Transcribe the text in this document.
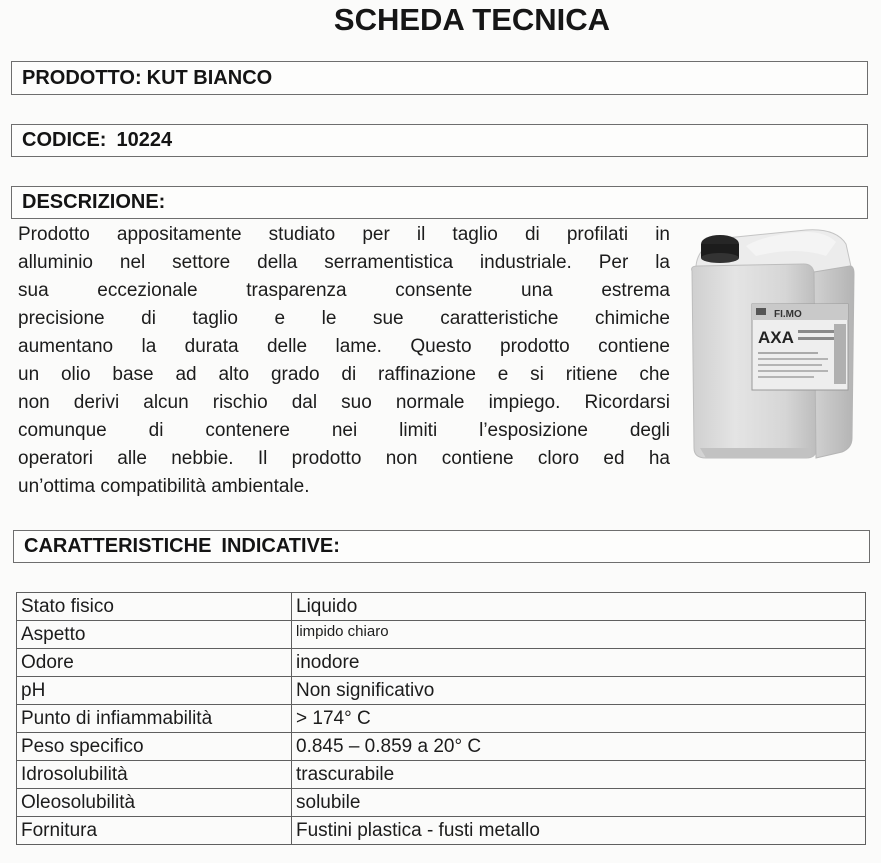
SCHEDA TECNICA
PRODOTTO: KUT BIANCO
CODICE: 10224
DESCRIZIONE:
Prodotto appositamente studiato per il taglio di profilati in
alluminio nel settore della serramentistica industriale. Per la
sua eccezionale trasparenza consente una estrema
precisione di taglio e le sue caratteristiche chimiche
aumentano la durata delle lame. Questo prodotto contiene
un olio base ad alto grado di raffinazione e si ritiene che
non derivi alcun rischio dal suo normale impiego. Ricordarsi
comunque di contenere nei limiti l’esposizione degli
operatori alle nebbie. Il prodotto non contiene cloro ed ha
un’ottima compatibilità ambientale.
FI.MO
AXA
CARATTERISTICHE INDICATIVE:
Stato fisico	Liquido
Aspetto	limpido chiaro
Odore	inodore
pH	Non significativo
Punto di infiammabilità	> 174° C
Peso specifico	0.845 – 0.859 a 20° C
Idrosolubilità	trascurabile
Oleosolubilità	solubile
Fornitura	Fustini plastica - fusti metallo
